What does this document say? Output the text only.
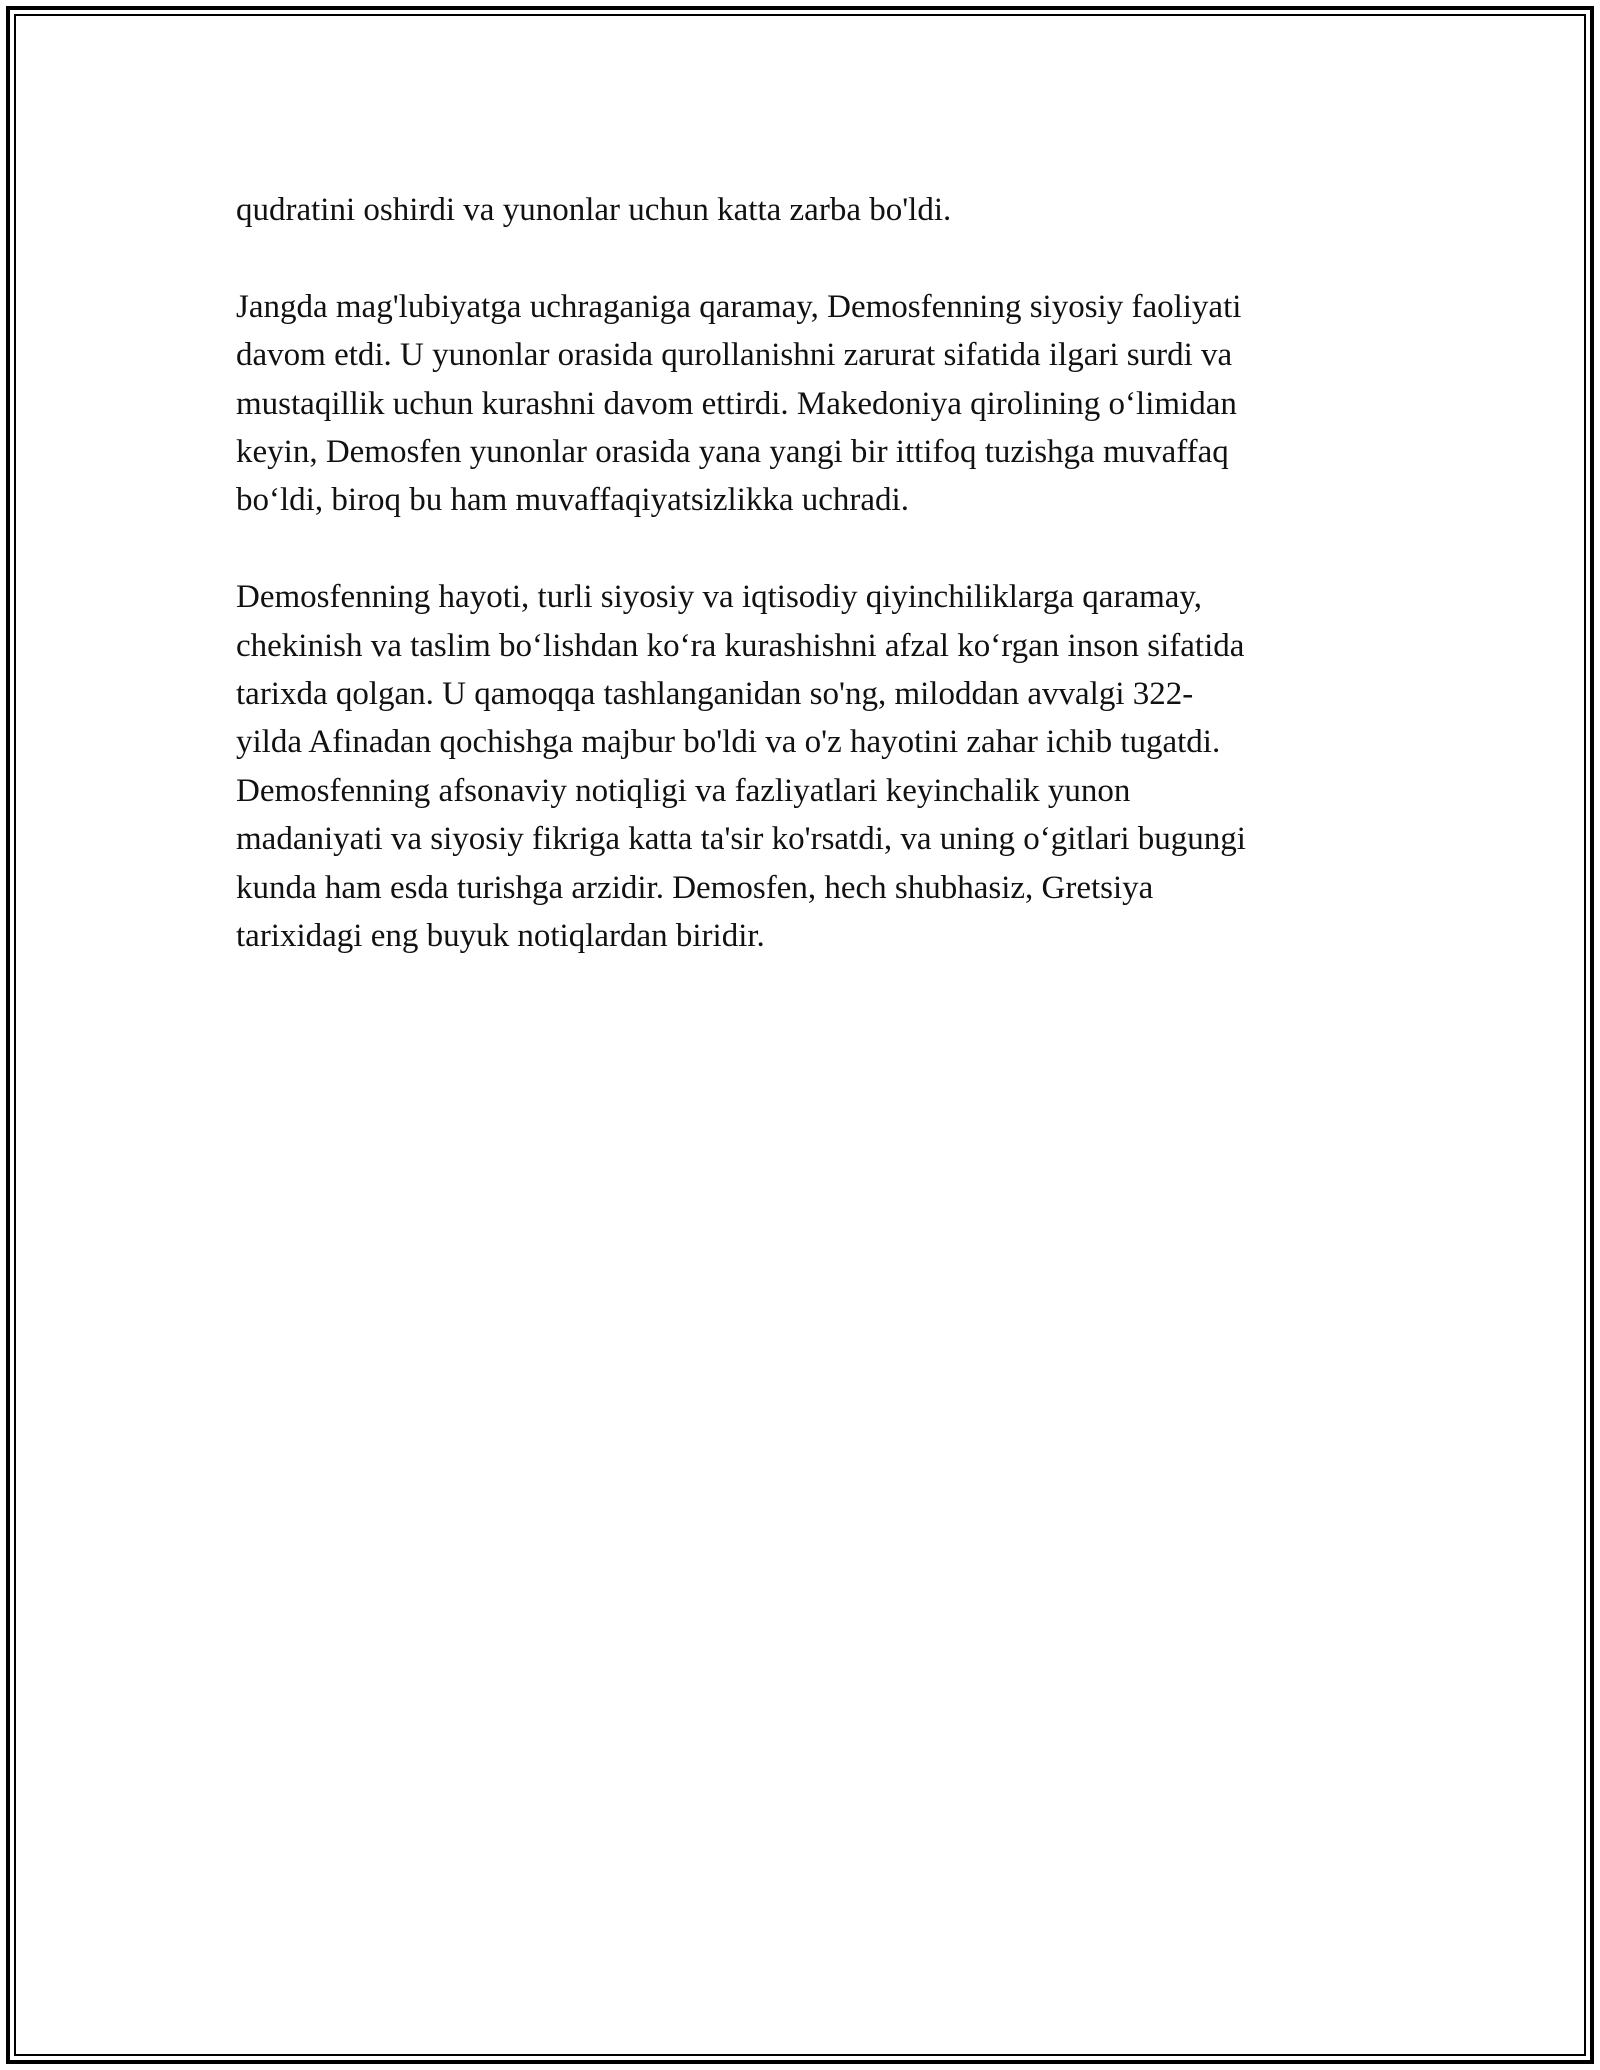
qudratini oshirdi va yunonlar uchun katta zarba bo'ldi.

Jangda mag'lubiyatga uchraganiga qaramay, Demosfenning siyosiy faoliyati
davom etdi. U yunonlar orasida qurollanishni zarurat sifatida ilgari surdi va
mustaqillik uchun kurashni davom ettirdi. Makedoniya qirolining o‘limidan
keyin, Demosfen yunonlar orasida yana yangi bir ittifoq tuzishga muvaffaq
bo‘ldi, biroq bu ham muvaffaqiyatsizlikka uchradi.

Demosfenning hayoti, turli siyosiy va iqtisodiy qiyinchiliklarga qaramay,
chekinish va taslim bo‘lishdan ko‘ra kurashishni afzal ko‘rgan inson sifatida
tarixda qolgan. U qamoqqa tashlanganidan so'ng, miloddan avvalgi 322-
yilda Afinadan qochishga majbur bo'ldi va o'z hayotini zahar ichib tugatdi.
Demosfenning afsonaviy notiqligi va fazliyatlari keyinchalik yunon
madaniyati va siyosiy fikriga katta ta'sir ko'rsatdi, va uning o‘gitlari bugungi
kunda ham esda turishga arzidir. Demosfen, hech shubhasiz, Gretsiya
tarixidagi eng buyuk notiqlardan biridir.
